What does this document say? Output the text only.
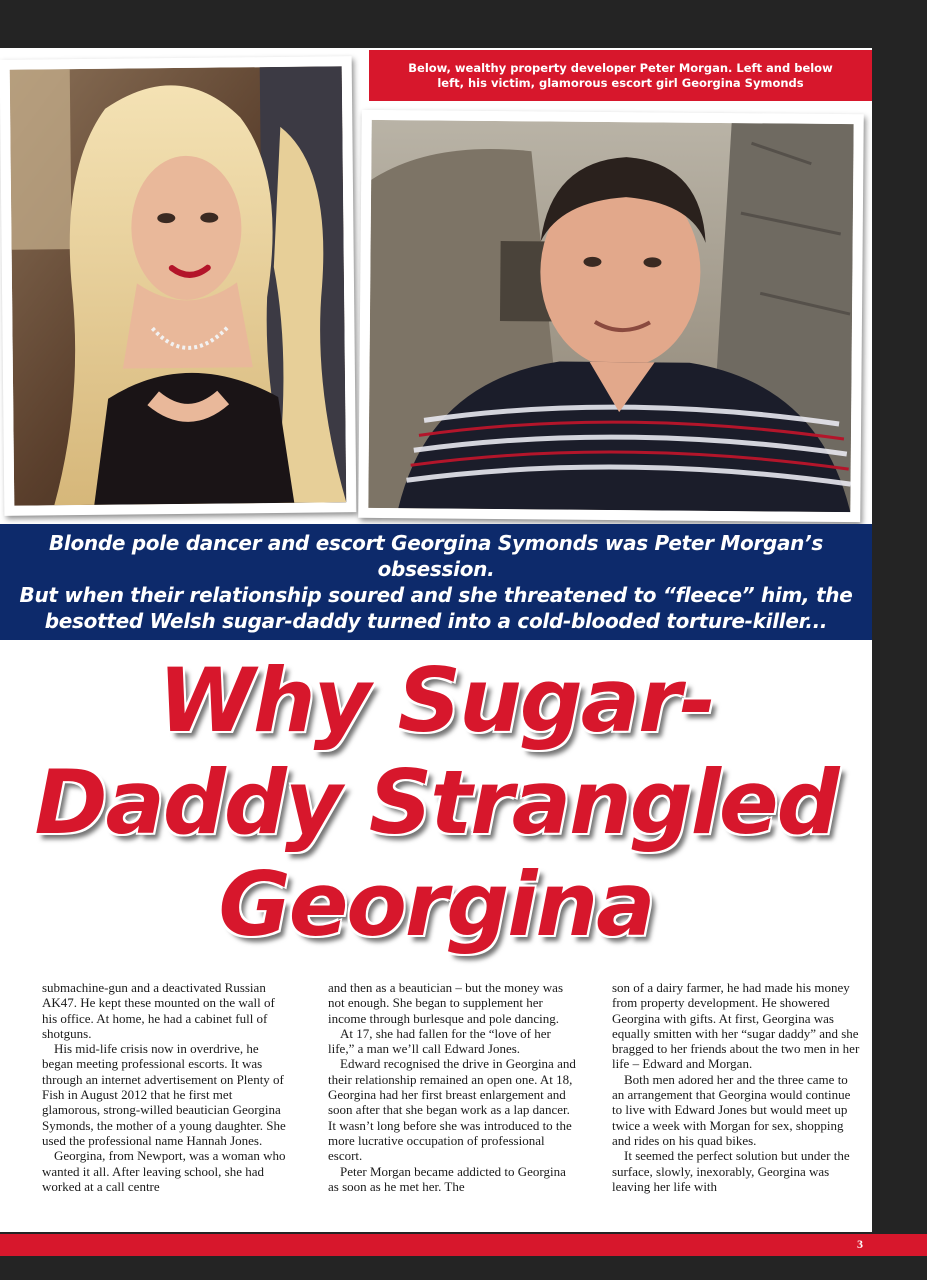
Below, wealthy property developer Peter Morgan. Left and below
left, his victim, glamorous escort girl Georgina Symonds
Blonde pole dancer and escort Georgina Symonds was Peter Morgan’s obsession.
But when their relationship soured and she threatened to “fleece” him, the
besotted Welsh sugar-daddy turned into a cold-blooded torture-killer...
Why Sugar-
Daddy Strangled
Georgina

submachine-gun and a deactivated Russian AK47. He kept these mounted on the wall of his office. At home, he had a cabinet full of shotguns.

His mid-life crisis now in overdrive, he began meeting professional escorts. It was through an internet advertisement on Plenty of Fish in August 2012 that he first met glamorous, strong-willed beautician Georgina Symonds, the mother of a young daughter. She used the professional name Hannah Jones.

Georgina, from Newport, was a woman who wanted it all. After leaving school, she had worked at a call centre

and then as a beautician – but the money was not enough. She began to supplement her income through burlesque and pole dancing.

At 17, she had fallen for the “love of her life,” a man we’ll call Edward Jones.

Edward recognised the drive in Georgina and their relationship remained an open one. At 18, Georgina had her first breast enlargement and soon after that she began work as a lap dancer. It wasn’t long before she was introduced to the more lucrative occupation of professional escort.

Peter Morgan became addicted to Georgina as soon as he met her. The

son of a dairy farmer, he had made his money from property development. He showered Georgina with gifts. At first, Georgina was equally smitten with her “sugar daddy” and she bragged to her friends about the two men in her life – Edward and Morgan.

Both men adored her and the three came to an arrangement that Georgina would continue to live with Edward Jones but would meet up twice a week with Morgan for sex, shopping and rides on his quad bikes.

It seemed the perfect solution but under the surface, slowly, inexorably, Georgina was leaving her life with

3
